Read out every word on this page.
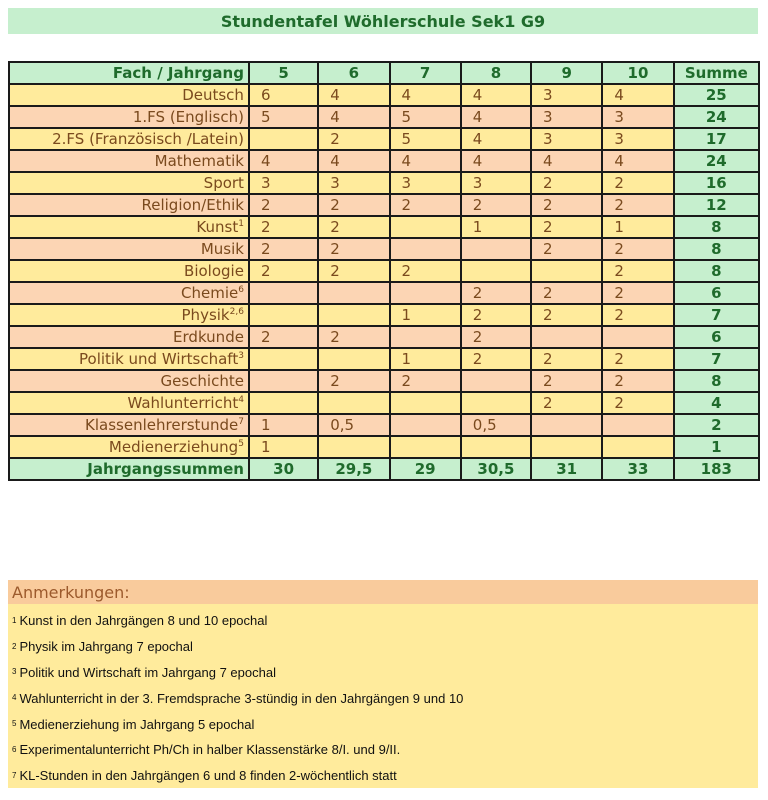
Stundentafel Wöhlerschule Sek1 G9
Fach / Jahrgang	5	6	7	8	9	10	Summe
Deutsch	6	4	4	4	3	4	25
1.FS (Englisch)	5	4	5	4	3	3	24
2.FS (Französisch /Latein)		2	5	4	3	3	17
Mathematik	4	4	4	4	4	4	24
Sport	3	3	3	3	2	2	16
Religion/Ethik	2	2	2	2	2	2	12
Kunst$^1$	2	2		1	2	1	8
Musik	2	2			2	2	8
Biologie	2	2	2			2	8
Chemie$^6$				2	2	2	6
Physik$^{2,6}$			1	2	2	2	7
Erdkunde	2	2		2			6
Politik und Wirtschaft$^3$			1	2	2	2	7
Geschichte		2	2		2	2	8
Wahlunterricht$^4$					2	2	4
Klassenlehrerstunde$^7$	1	0,5		0,5			2
Medienerziehung$^5$	1						1
Jahrgangssummen	30	29,5	29	30,5	31	33	183
Anmerkungen:
1 Kunst in den Jahrgängen 8 und 10 epochal
2 Physik im Jahrgang 7 epochal
3 Politik und Wirtschaft im Jahrgang 7 epochal
4 Wahlunterricht in der 3. Fremdsprache 3-stündig in den Jahrgängen 9 und 10
5 Medienerziehung im Jahrgang 5 epochal
6 Experimentalunterricht Ph/Ch in halber Klassenstärke 8/I. und 9/II.
7 KL-Stunden in den Jahrgängen 6 und 8 finden 2-wöchentlich statt
